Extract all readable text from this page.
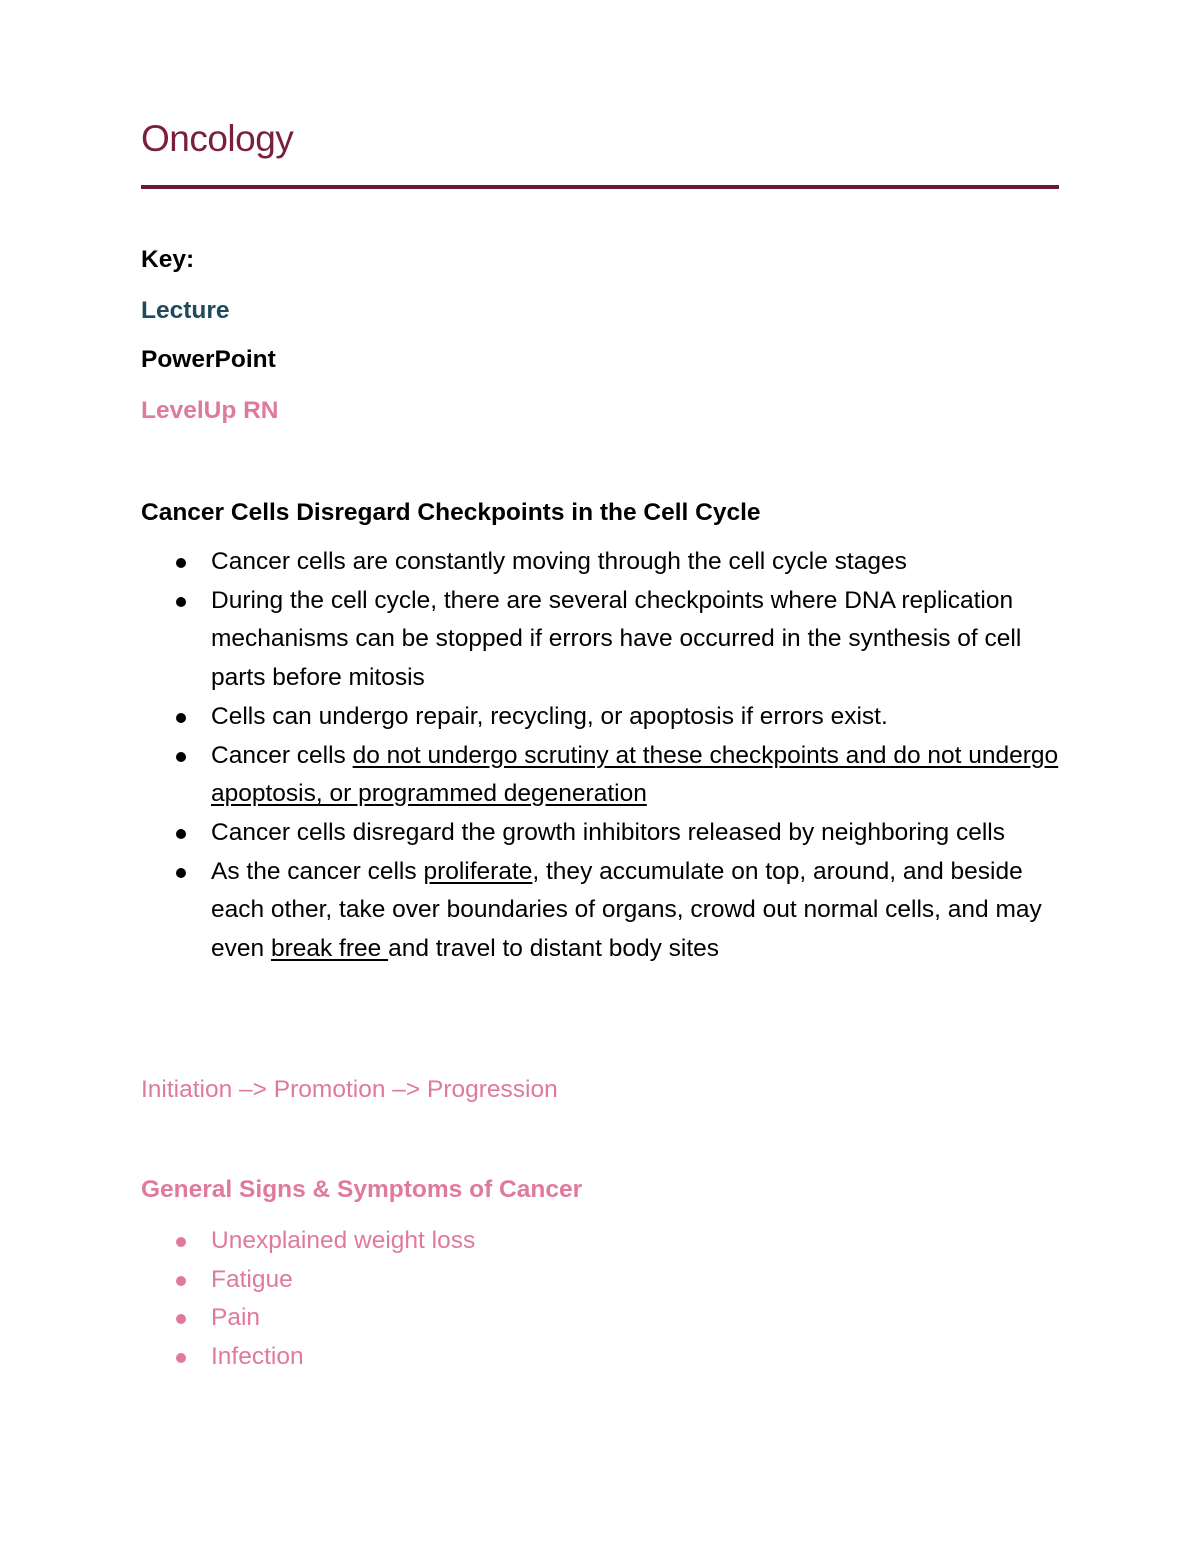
Oncology
Key:
Lecture
PowerPoint
LevelUp RN
Cancer Cells Disregard Checkpoints in the Cell Cycle
Cancer cells are constantly moving through the cell cycle stages
During the cell cycle, there are several checkpoints where DNA replication mechanisms can be stopped if errors have occurred in the synthesis of cell parts before mitosis
Cells can undergo repair, recycling, or apoptosis if errors exist.
Cancer cells do not undergo scrutiny at these checkpoints and do not undergo apoptosis, or programmed degeneration
Cancer cells disregard the growth inhibitors released by neighboring cells
As the cancer cells proliferate, they accumulate on top, around, and beside each other, take over boundaries of organs, crowd out normal cells, and may even break free and travel to distant body sites
Initiation –> Promotion –> Progression
General Signs & Symptoms of Cancer
Unexplained weight loss
Fatigue
Pain
Infection
